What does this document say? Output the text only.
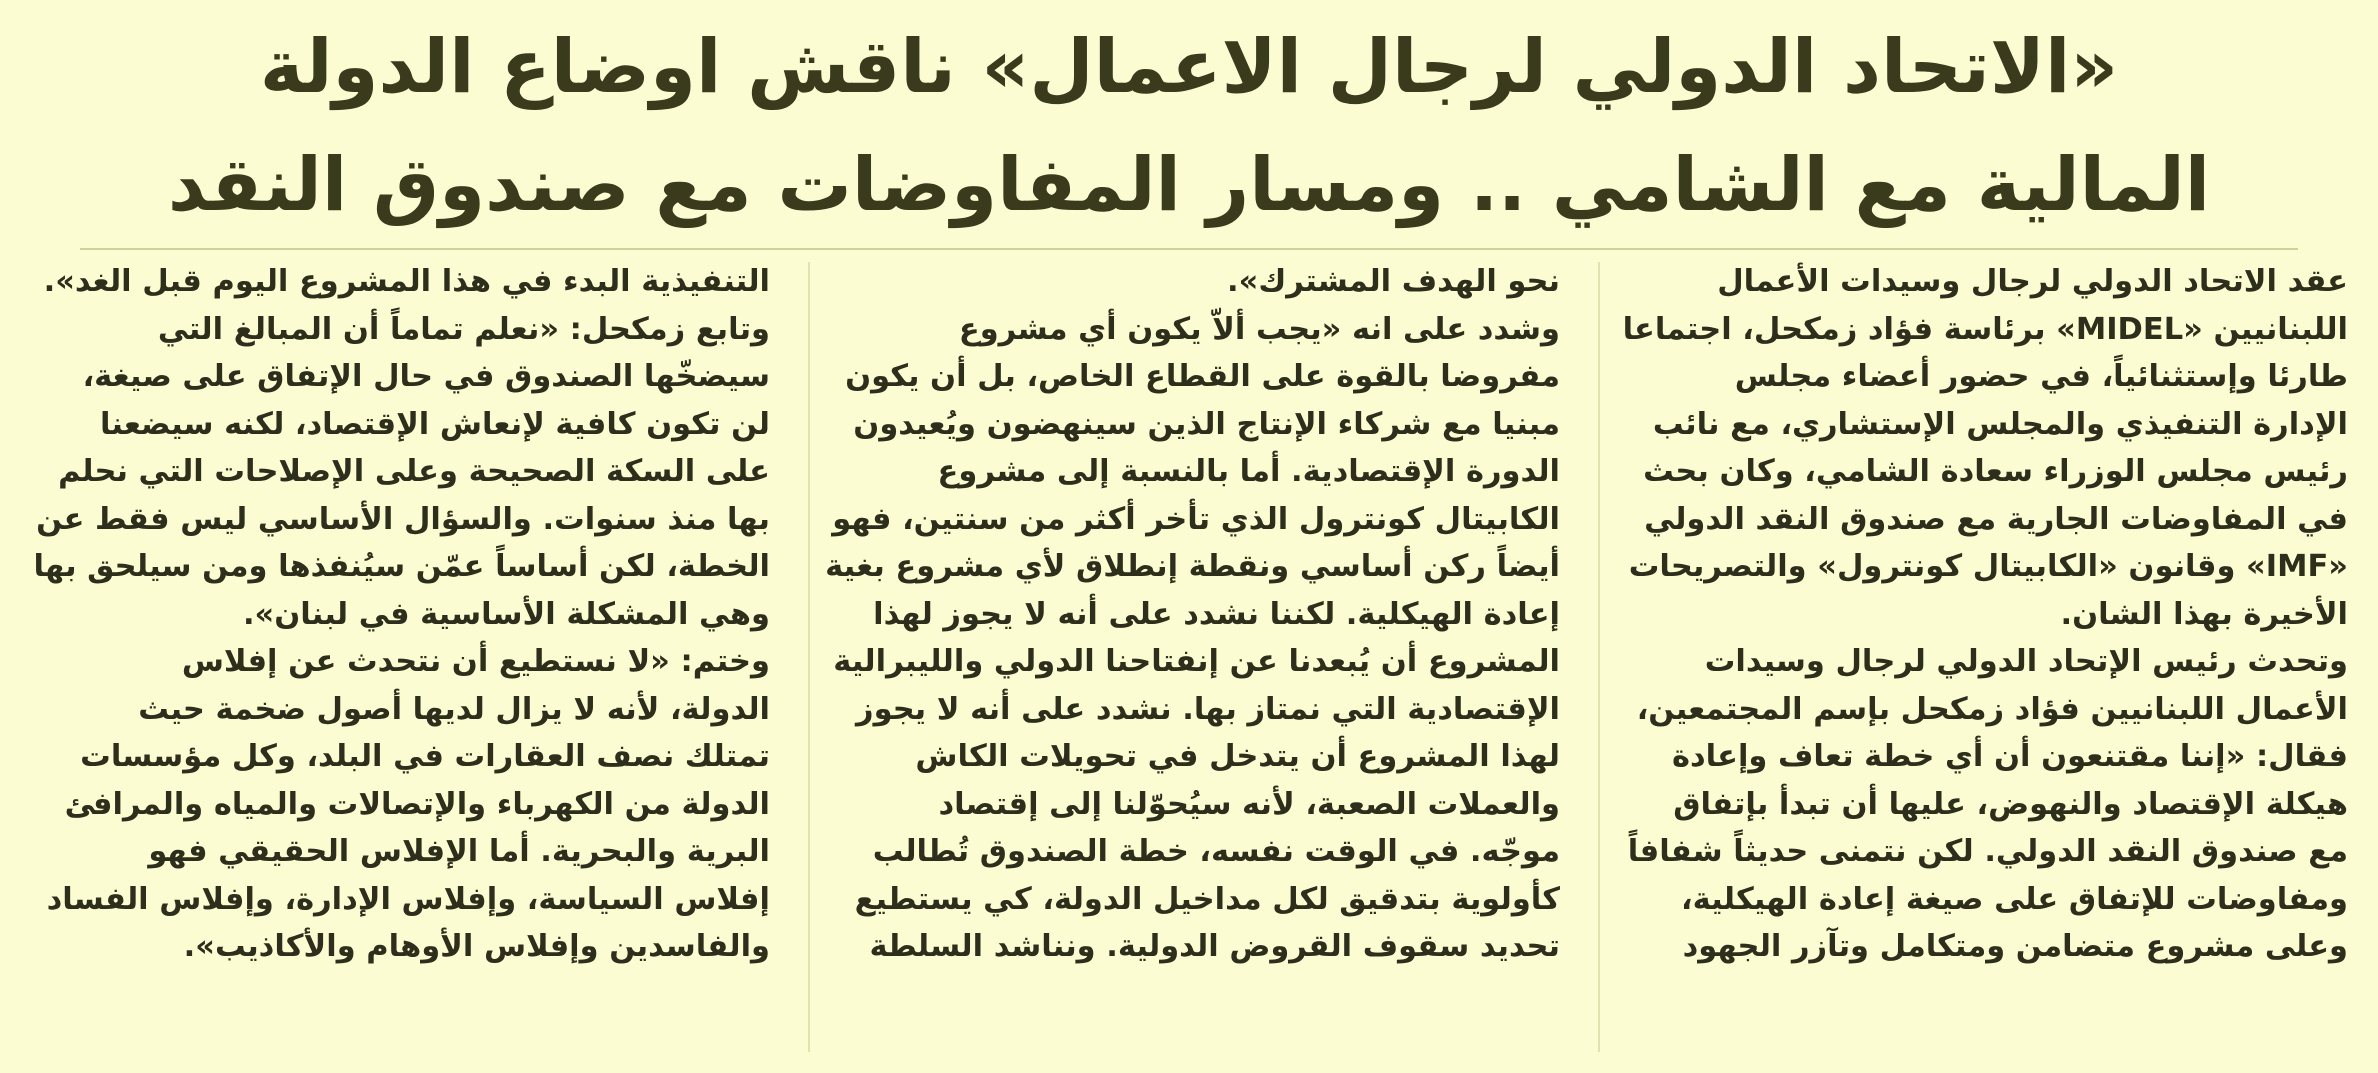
«الاتحاد الدولي لرجال الاعمال» ناقش اوضاع الدولة
المالية مع الشامي .. ومسار المفاوضات مع صندوق النقد

عقد الاتحاد الدولي لرجال وسيدات الأعمال

اللبنانيين «MIDEL» برئاسة فؤاد زمكحل، اجتماعا

طارئا وإستثنائياً، في حضور أعضاء مجلس

الإدارة التنفيذي والمجلس الإستشاري، مع نائب

رئيس مجلس الوزراء سعادة الشامي، وكان بحث

في المفاوضات الجارية مع صندوق النقد الدولي

«IMF» وقانون «الكابيتال كونترول» والتصريحات

الأخيرة بهذا الشان.

وتحدث رئيس الإتحاد الدولي لرجال وسيدات

الأعمال اللبنانيين فؤاد زمكحل بإسم المجتمعين،

فقال: «إننا مقتنعون أن أي خطة تعاف وإعادة

هيكلة الإقتصاد والنهوض، عليها أن تبدأ بإتفاق

مع صندوق النقد الدولي. لكن نتمنى حديثاً شفافاً

ومفاوضات للإتفاق على صيغة إعادة الهيكلية،

وعلى مشروع متضامن ومتكامل وتآزر الجهود

نحو الهدف المشترك».

وشدد على انه «يجب ألاّ يكون أي مشروع

مفروضا بالقوة على القطاع الخاص، بل أن يكون

مبنيا مع شركاء الإنتاج الذين سينهضون ويُعيدون

الدورة الإقتصادية. أما بالنسبة إلى مشروع

الكابيتال كونترول الذي تأخر أكثر من سنتين، فهو

أيضاً ركن أساسي ونقطة إنطلاق لأي مشروع بغية

إعادة الهيكلية. لكننا نشدد على أنه لا يجوز لهذا

المشروع أن يُبعدنا عن إنفتاحنا الدولي والليبرالية

الإقتصادية التي نمتاز بها. نشدد على أنه لا يجوز

لهذا المشروع أن يتدخل في تحويلات الكاش

والعملات الصعبة، لأنه سيُحوّلنا إلى إقتصاد

موجّه. في الوقت نفسه، خطة الصندوق تُطالب

كأولوية بتدقيق لكل مداخيل الدولة، كي يستطيع

تحديد سقوف القروض الدولية. ونناشد السلطة

التنفيذية البدء في هذا المشروع اليوم قبل الغد».

وتابع زمكحل: «نعلم تماماً أن المبالغ التي

سيضخّها الصندوق في حال الإتفاق على صيغة،

لن تكون كافية لإنعاش الإقتصاد، لكنه سيضعنا

على السكة الصحيحة وعلى الإصلاحات التي نحلم

بها منذ سنوات. والسؤال الأساسي ليس فقط عن

الخطة، لكن أساساً عمّن سيُنفذها ومن سيلحق بها

وهي المشكلة الأساسية في لبنان».

وختم: «لا نستطيع أن نتحدث عن إفلاس

الدولة، لأنه لا يزال لديها أصول ضخمة حيث

تمتلك نصف العقارات في البلد، وكل مؤسسات

الدولة من الكهرباء والإتصالات والمياه والمرافئ

البرية والبحرية. أما الإفلاس الحقيقي فهو

إفلاس السياسة، وإفلاس الإدارة، وإفلاس الفساد

والفاسدين وإفلاس الأوهام والأكاذيب».
